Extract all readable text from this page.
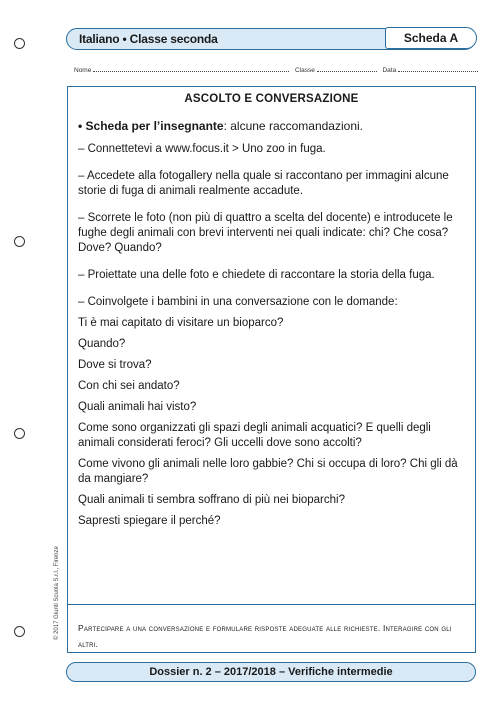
Italiano • Classe seconda	Scheda A
Nome	Classe	Data
ASCOLTO E CONVERSAZIONE

• Scheda per l’insegnante: alcune raccomandazioni.

– Connettetevi a www.focus.it > Uno zoo in fuga.

– Accedete alla fotogallery nella quale si raccontano per immagini alcune storie di fuga di animali realmente accadute.

– Scorrete le foto (non più di quattro a scelta del docente) e introducete le fughe degli animali con brevi interventi nei quali indicate: chi? Che cosa? Dove? Quando?

– Proiettate una delle foto e chiedete di raccontare la storia della fuga.

– Coinvolgete i bambini in una conversazione con le domande:

Ti è mai capitato di visitare un bioparco?

Quando?

Dove si trova?

Con chi sei andato?

Quali animali hai visto?

Come sono organizzati gli spazi degli animali acquatici? E quelli degli animali considerati feroci? Gli uccelli dove sono accolti?

Come vivono gli animali nelle loro gabbie? Chi si occupa di loro? Chi gli dà da mangiare?

Quali animali ti sembra soffrano di più nei bioparchi?

Sapresti spiegare il perché?

Partecipare a una conversazione e formulare risposte adeguate alle richieste. Interagire con gli altri.
© 2017 Giunti Scuola S.r.l., Firenze
Dossier n. 2 – 2017/2018 – Verifiche intermedie
